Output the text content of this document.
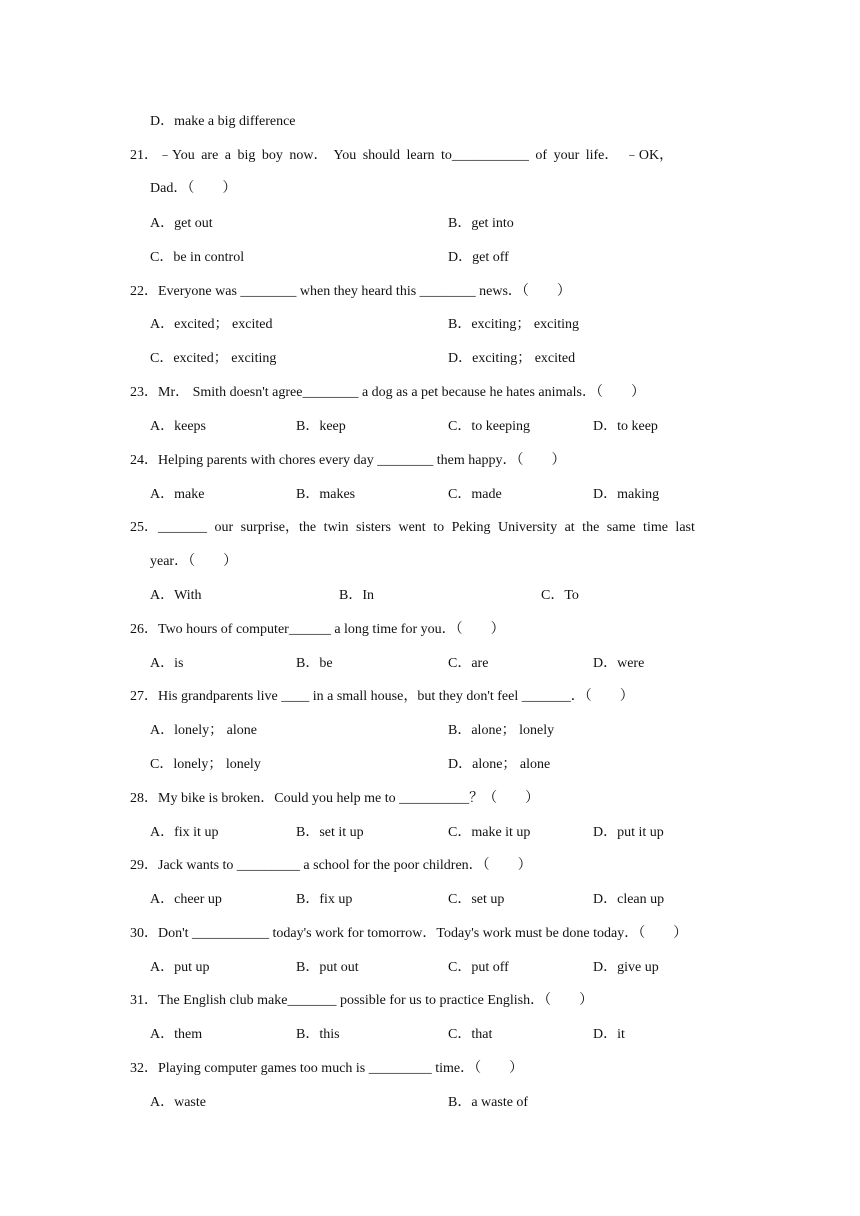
D．make a big difference
21．﹣You are a big boy now． You should learn to___________ of your life． ﹣OK，
Dad．（　　）
A．get out	B．get into
C．be in control	D．get off
22．Everyone was ________ when they heard this ________ news．（　　）
A．excited； excited	B．exciting； exciting
C．excited； exciting	D．exciting； excited
23．Mr． Smith doesn't agree________ a dog as a pet because he hates animals．（　　）
A．keeps	B．keep	C．to keeping	D．to keep
24．Helping parents with chores every day ________ them happy．（　　）
A．make	B．makes	C．made	D．making
25．_______ our surprise，the twin sisters went to Peking University at the same time last
year．（　　）
A．With	B．In	C．To
26．Two hours of computer______ a long time for you．（　　）
A．is	B．be	C．are	D．were
27．His grandparents live ____ in a small house，but they don't feel _______．（　　）
A．lonely； alone	B．alone； lonely
C．lonely； lonely	D．alone； alone
28．My bike is broken．Could you help me to __________？（　　）
A．fix it up	B．set it up	C．make it up	D．put it up
29．Jack wants to _________ a school for the poor children．（　　）
A．cheer up	B．fix up	C．set up	D．clean up
30．Don't ___________ today's work for tomorrow．Today's work must be done today．（　　）
A．put up	B．put out	C．put off	D．give up
31．The English club make_______ possible for us to practice English．（　　）
A．them	B．this	C．that	D．it
32．Playing computer games too much is _________ time．（　　）
A．waste	B．a waste of
